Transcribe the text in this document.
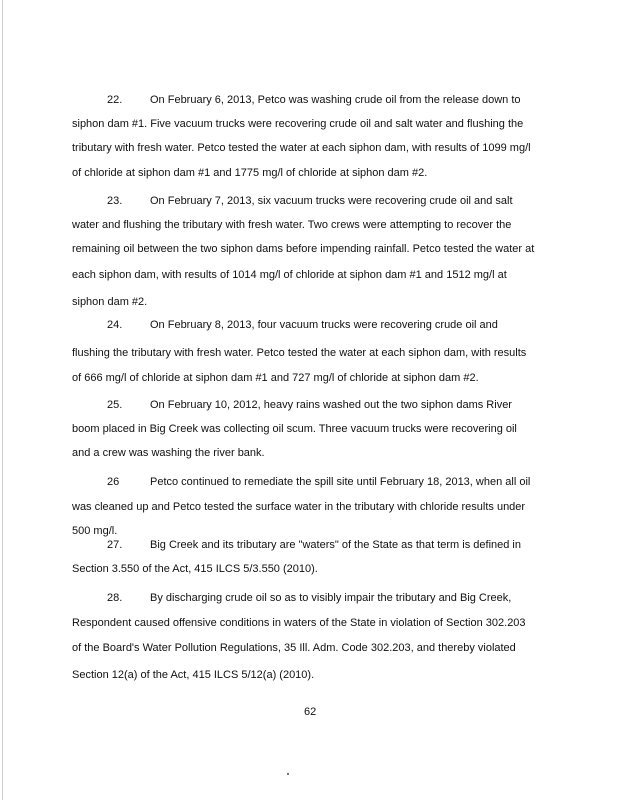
22.	On February 6, 2013, Petco was washing crude oil from the release down to
siphon dam #1. Five vacuum trucks were recovering crude oil and salt water and flushing the
tributary with fresh water. Petco tested the water at each siphon dam, with results of 1099 mg/l
of chloride at siphon dam #1 and 1775 mg/l of chloride at siphon dam #2.
23.	On February 7, 2013, six vacuum trucks were recovering crude oil and salt
water and flushing the tributary with fresh water. Two crews were attempting to recover the
remaining oil between the two siphon dams before impending rainfall. Petco tested the water at
each siphon dam, with results of 1014 mg/l of chloride at siphon dam #1 and 1512 mg/l at
siphon dam #2.
24.	On February 8, 2013, four vacuum trucks were recovering crude oil and
flushing the tributary with fresh water. Petco tested the water at each siphon dam, with results
of 666 mg/l of chloride at siphon dam #1 and 727 mg/l of chloride at siphon dam #2.
25.	On February 10, 2012, heavy rains washed out the two siphon dams River
boom placed in Big Creek was collecting oil scum. Three vacuum trucks were recovering oil
and a crew was washing the river bank.
26	Petco continued to remediate the spill site until February 18, 2013, when all oil
was cleaned up and Petco tested the surface water in the tributary with chloride results under
500 mg/l.
27.	Big Creek and its tributary are "waters" of the State as that term is defined in
Section 3.550 of the Act, 415 ILCS 5/3.550 (2010).
28.	By discharging crude oil so as to visibly impair the tributary and Big Creek,
Respondent caused offensive conditions in waters of the State in violation of Section 302.203
of the Board's Water Pollution Regulations, 35 Ill. Adm. Code 302.203, and thereby violated
Section 12(a) of the Act, 415 ILCS 5/12(a) (2010).
62
